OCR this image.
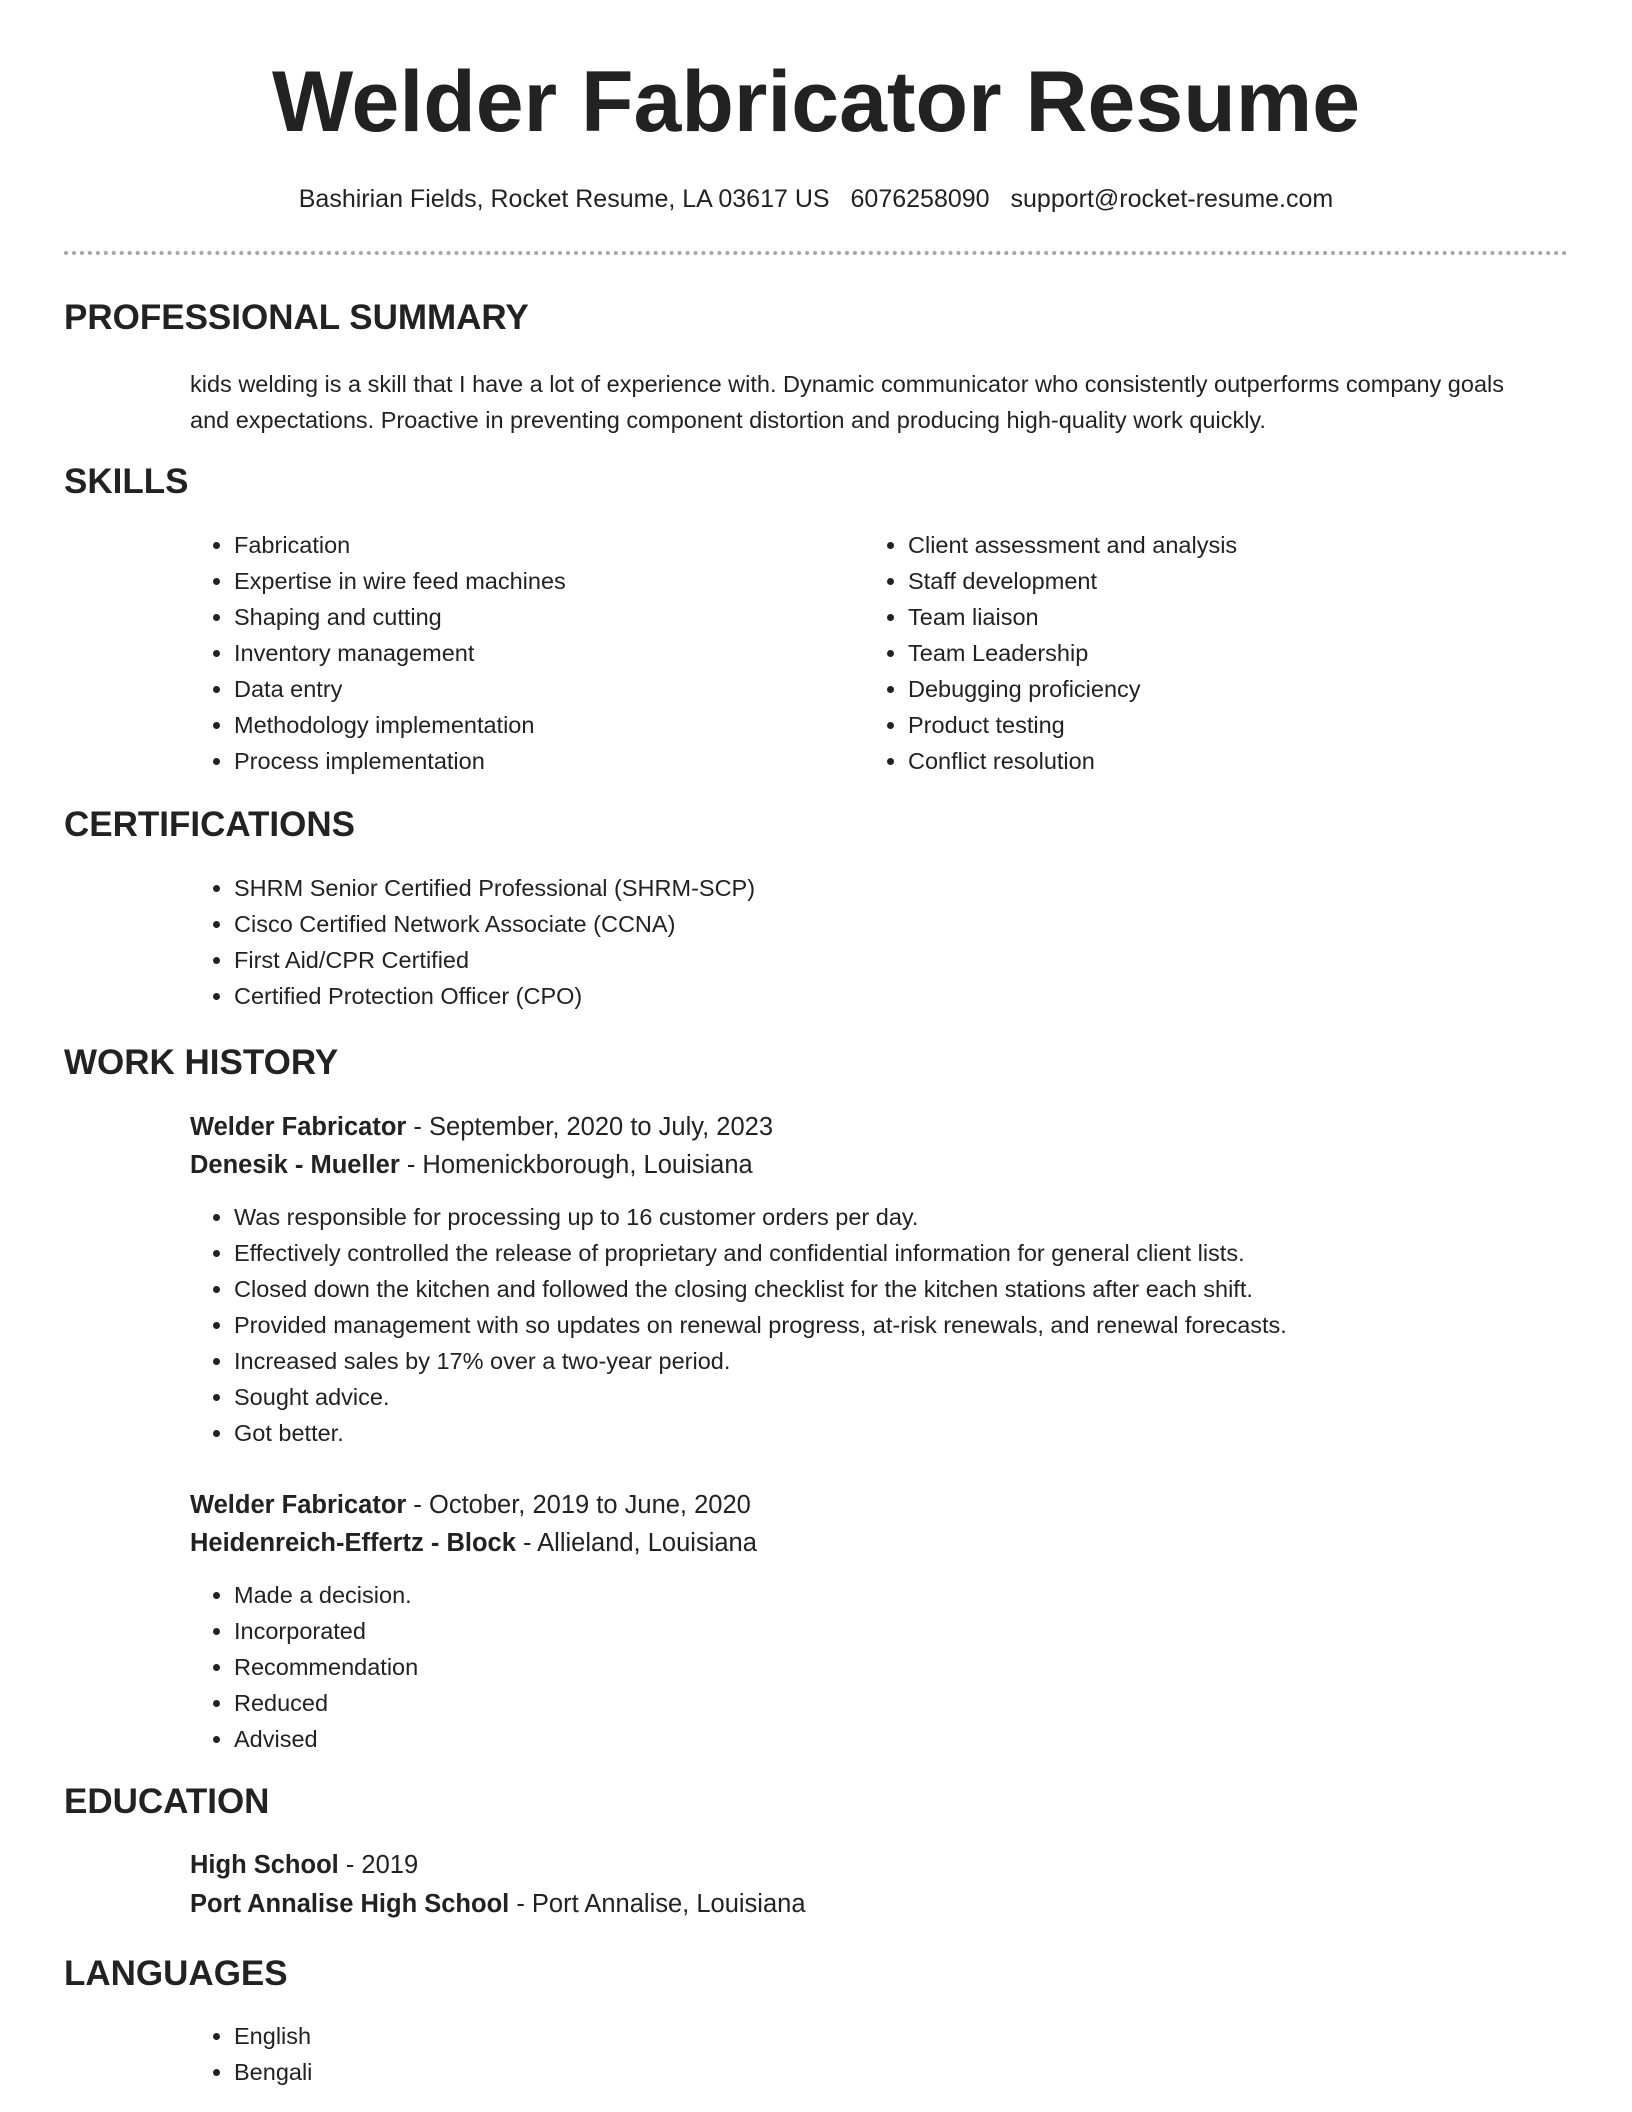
Welder Fabricator Resume
Bashirian Fields, Rocket Resume, LA 03617 US 6076258090 support@rocket-resume.com
PROFESSIONAL SUMMARY

kids welding is a skill that I have a lot of experience with. Dynamic communicator who consistently outperforms company goals and expectations. Proactive in preventing component distortion and producing high-quality work quickly.

SKILLS
• Fabrication
• Expertise in wire feed machines
• Shaping and cutting
• Inventory management
• Data entry
• Methodology implementation
• Process implementation
• Client assessment and analysis
• Staff development
• Team liaison
• Team Leadership
• Debugging proficiency
• Product testing
• Conflict resolution
CERTIFICATIONS
• SHRM Senior Certified Professional (SHRM-SCP)
• Cisco Certified Network Associate (CCNA)
• First Aid/CPR Certified
• Certified Protection Officer (CPO)
WORK HISTORY
Welder Fabricator - September, 2020 to July, 2023
Denesik - Mueller - Homenickborough, Louisiana
• Was responsible for processing up to 16 customer orders per day.
• Effectively controlled the release of proprietary and confidential information for general client lists.
• Closed down the kitchen and followed the closing checklist for the kitchen stations after each shift.
• Provided management with so updates on renewal progress, at-risk renewals, and renewal forecasts.
• Increased sales by 17% over a two-year period.
• Sought advice.
• Got better.
Welder Fabricator - October, 2019 to June, 2020
Heidenreich-Effertz - Block - Allieland, Louisiana
• Made a decision.
• Incorporated
• Recommendation
• Reduced
• Advised
EDUCATION
High School - 2019
Port Annalise High School - Port Annalise, Louisiana
LANGUAGES
• English
• Bengali
